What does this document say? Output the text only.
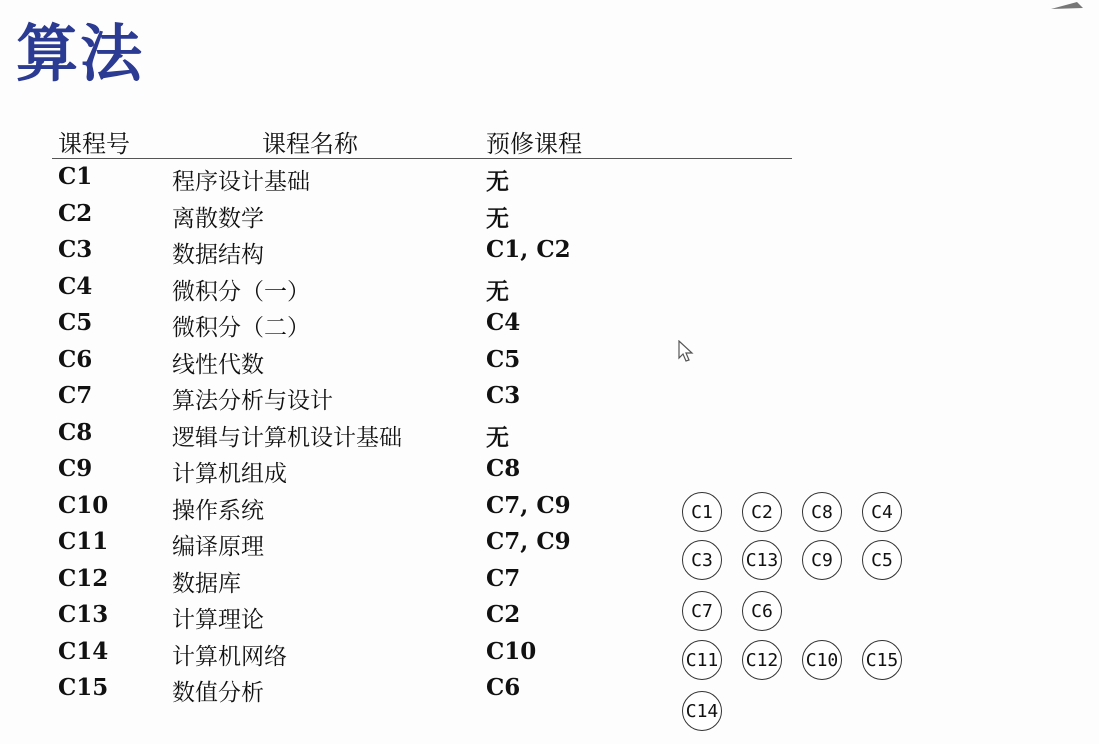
算法
课程号	课程名称	预修课程
C1	程序设计基础	无
C2	离散数学	无
C3	数据结构	C1, C2
C4	微积分（一）	无
C5	微积分（二）	C4
C6	线性代数	C5
C7	算法分析与设计	C3
C8	逻辑与计算机设计基础	无
C9	计算机组成	C8
C10	操作系统	C7, C9
C11	编译原理	C7, C9
C12	数据库	C7
C13	计算理论	C2
C14	计算机网络	C10
C15	数值分析	C6
C1	C2	C8	C4
C3	C13	C9	C5
C7	C6
C11 C12 C10 C15
C14
